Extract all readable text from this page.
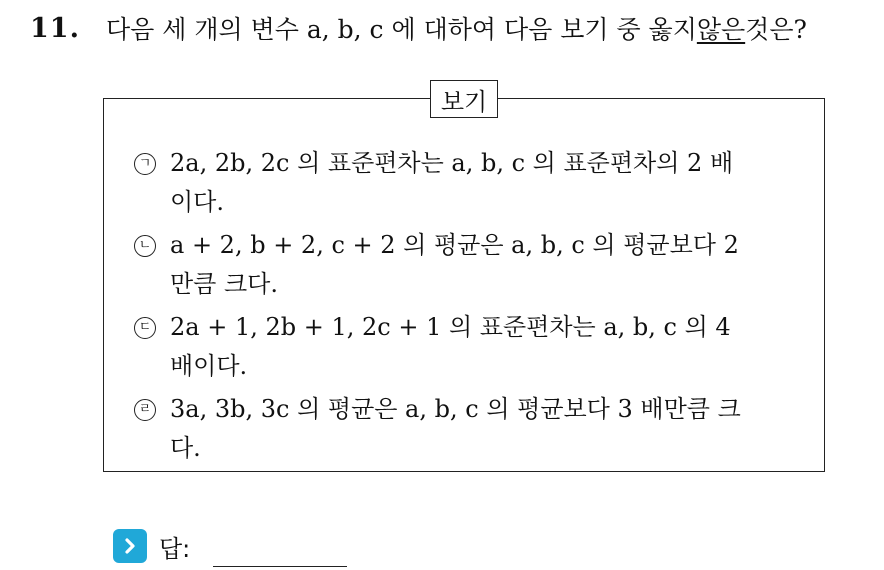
11. 다음 세 개의 변수 a, b, c 에 대하여 다음 보기 중 옳지 않은 것은?
보기
ㄱ 2a, 2b, 2c 의 표준편차는 a, b, c 의 표준편차의 2 배이다.
ㄴ a + 2, b + 2, c + 2 의 평균은 a, b, c 의 평균보다 2 만큼 크다.
ㄷ 2a + 1, 2b + 1, 2c + 1 의 표준편차는 a, b, c 의 4 배이다.
ㄹ 3a, 3b, 3c 의 평균은 a, b, c 의 평균보다 3 배만큼 크다.
답:
